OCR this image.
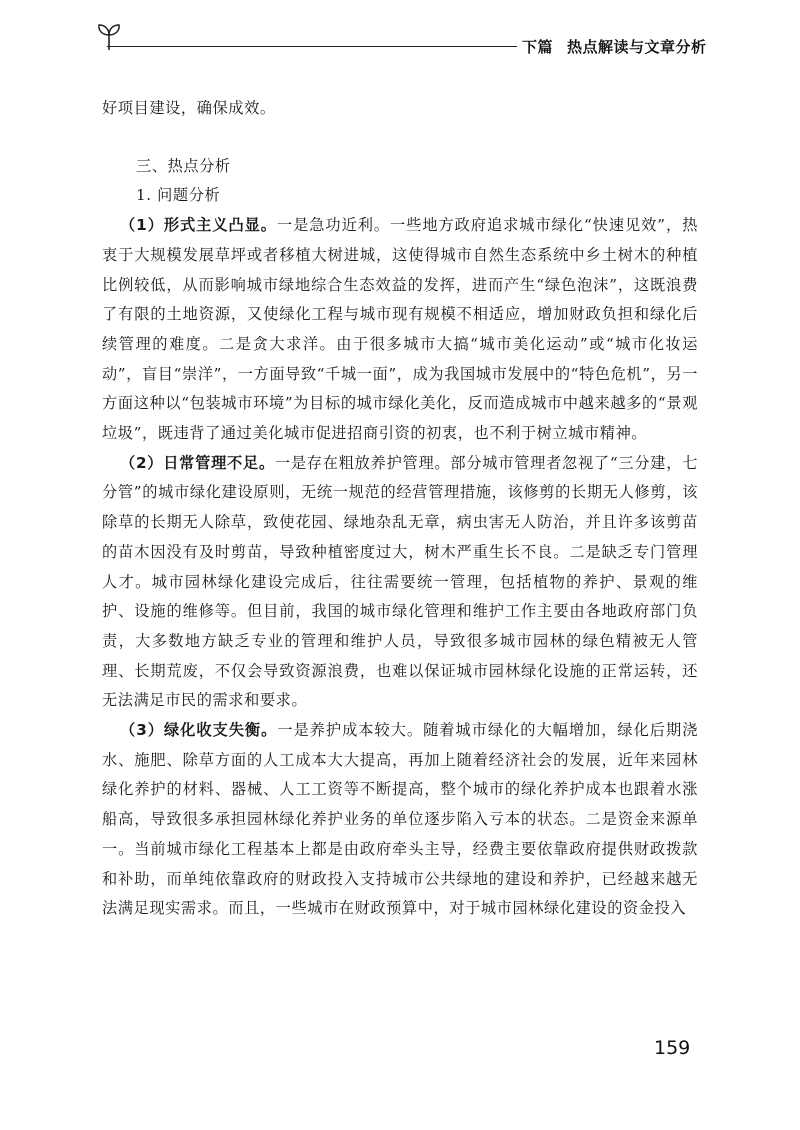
下篇 热点解读与文章分析

好项目建设，确保成效。

三、热点分析

1. 问题分析

（1）形式主义凸显。一是急功近利。一些地方政府追求城市绿化“快速见效”，热衷于大规模发展草坪或者移植大树进城，这使得城市自然生态系统中乡土树木的种植比例较低，从而影响城市绿地综合生态效益的发挥，进而产生“绿色泡沫”，这既浪费了有限的土地资源，又使绿化工程与城市现有规模不相适应，增加财政负担和绿化后续管理的难度。二是贪大求洋。由于很多城市大搞“城市美化运动”或“城市化妆运动”，盲目“崇洋”，一方面导致“千城一面”，成为我国城市发展中的“特色危机”，另一方面这种以“包装城市环境”为目标的城市绿化美化，反而造成城市中越来越多的“景观垃圾”，既违背了通过美化城市促进招商引资的初衷，也不利于树立城市精神。

（2）日常管理不足。一是存在粗放养护管理。部分城市管理者忽视了“三分建，七分管”的城市绿化建设原则，无统一规范的经营管理措施，该修剪的长期无人修剪，该除草的长期无人除草，致使花园、绿地杂乱无章，病虫害无人防治，并且许多该剪苗的苗木因没有及时剪苗，导致种植密度过大，树木严重生长不良。二是缺乏专门管理人才。城市园林绿化建设完成后，往往需要统一管理，包括植物的养护、景观的维护、设施的维修等。但目前，我国的城市绿化管理和维护工作主要由各地政府部门负责，大多数地方缺乏专业的管理和维护人员，导致很多城市园林的绿色精被无人管理、长期荒废，不仅会导致资源浪费，也难以保证城市园林绿化设施的正常运转，还无法满足市民的需求和要求。

（3）绿化收支失衡。一是养护成本较大。随着城市绿化的大幅增加，绿化后期浇水、施肥、除草方面的人工成本大大提高，再加上随着经济社会的发展，近年来园林绿化养护的材料、器械、人工工资等不断提高，整个城市的绿化养护成本也跟着水涨船高，导致很多承担园林绿化养护业务的单位逐步陷入亏本的状态。二是资金来源单一。当前城市绿化工程基本上都是由政府牵头主导，经费主要依靠政府提供财政拨款和补助，而单纯依靠政府的财政投入支持城市公共绿地的建设和养护，已经越来越无法满足现实需求。而且，一些城市在财政预算中，对于城市园林绿化建设的资金投入

159
